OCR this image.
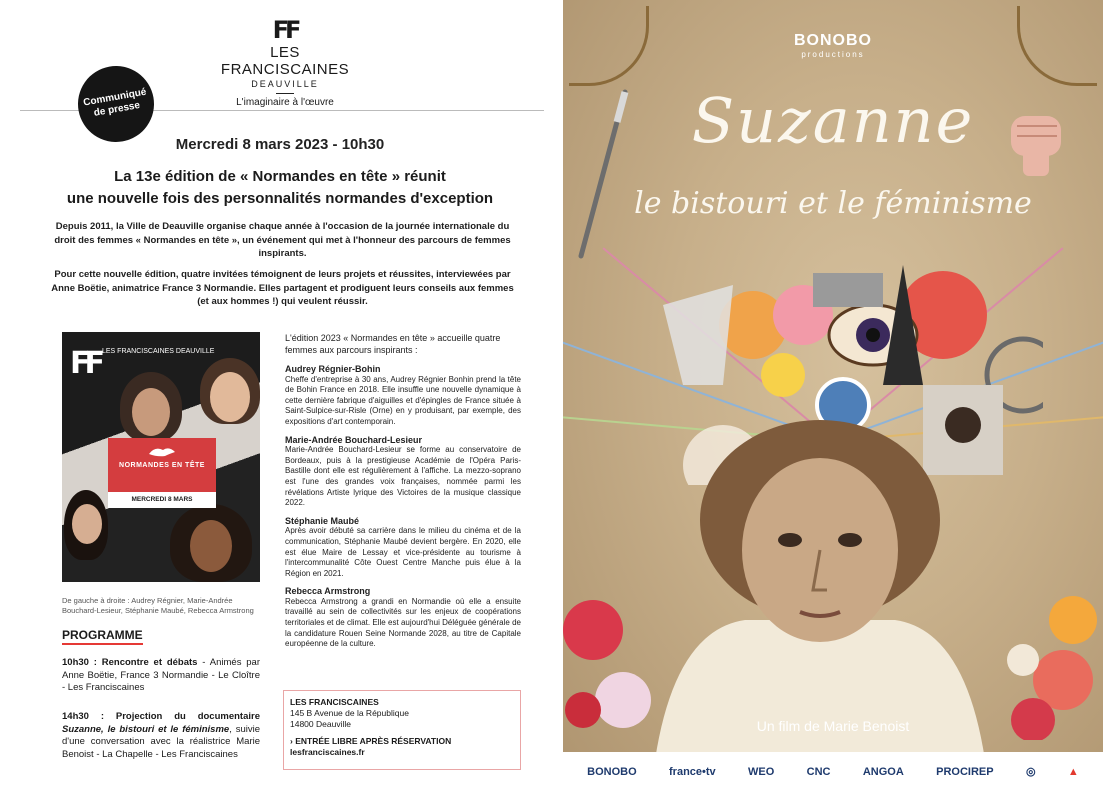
FF
LES FRANCISCAINES
DEAUVILLE
L'imaginaire à l'œuvre
Communiqué de presse
Mercredi 8 mars 2023 - 10h30
La 13e édition de « Normandes en tête » réunit
une nouvelle fois des personnalités normandes d'exception
Depuis 2011, la Ville de Deauville organise chaque année à l'occasion de la journée internationale du droit des femmes « Normandes en tête », un événement qui met à l'honneur des parcours de femmes inspirants.
Pour cette nouvelle édition, quatre invitées témoignent de leurs projets et réussites, interviewées par Anne Boëtie, animatrice France 3 Normandie. Elles partagent et prodiguent leurs conseils aux femmes (et aux hommes !) qui veulent réussir.
FF LES FRANCISCAINES DEAUVILLE
NORMANDES EN TÊTE
MERCREDI 8 MARS
De gauche à droite : Audrey Régnier, Marie-Andrée Bouchard-Lesieur, Stéphanie Maubé, Rebecca Armstrong
PROGRAMME
10h30 : Rencontre et débats - Animés par Anne Boëtie, France 3 Normandie - Le Cloître - Les Franciscaines
14h30 : Projection du documentaire Suzanne, le bistouri et le féminisme, suivie d'une conversation avec la réalistrice Marie Benoist - La Chapelle - Les Franciscaines
L'édition 2023 « Normandes en tête » accueille quatre femmes aux parcours inspirants :
Audrey Régnier-Bohin
Cheffe d'entreprise à 30 ans, Audrey Régnier Bonhin prend la tête de Bohin France en 2018. Elle insuffle une nouvelle dynamique à cette dernière fabrique d'aiguilles et d'épingles de France située à Saint-Sulpice-sur-Risle (Orne) en y produisant, par exemple, des expositions d'art contemporain.
Marie-Andrée Bouchard-Lesieur
Marie-Andrée Bouchard-Lesieur se forme au conservatoire de Bordeaux, puis à la prestigieuse Académie de l'Opéra Paris-Bastille dont elle est régulièrement à l'affiche. La mezzo-soprano est l'une des grandes voix françaises, nommée parmi les révélations Artiste lyrique des Victoires de la musique classique 2022.
Stéphanie Maubé
Après avoir débuté sa carrière dans le milieu du cinéma et de la communication, Stéphanie Maubé devient bergère. En 2020, elle est élue Maire de Lessay et vice-présidente au tourisme à l'intercommunalité Côte Ouest Centre Manche puis élue à la Région en 2021.
Rebecca Armstrong
Rebecca Armstrong a grandi en Normandie où elle a ensuite travaillé au sein de collectivités sur les enjeux de coopérations territoriales et de climat. Elle est aujourd'hui Déléguée générale de la candidature Rouen Seine Normande 2028, au titre de Capitale européenne de la culture.
LES FRANCISCAINES
145 B Avenue de la République
14800 Deauville
› ENTRÉE LIBRE APRÈS RÉSERVATION
lesfranciscaines.fr
BONOBO
productions
Suzanne
le bistouri et le féminisme
Un film de Marie Benoist
BONOBO	france•tv	WEO	CNC	ANGOA	PROCIREP	◎	▲
